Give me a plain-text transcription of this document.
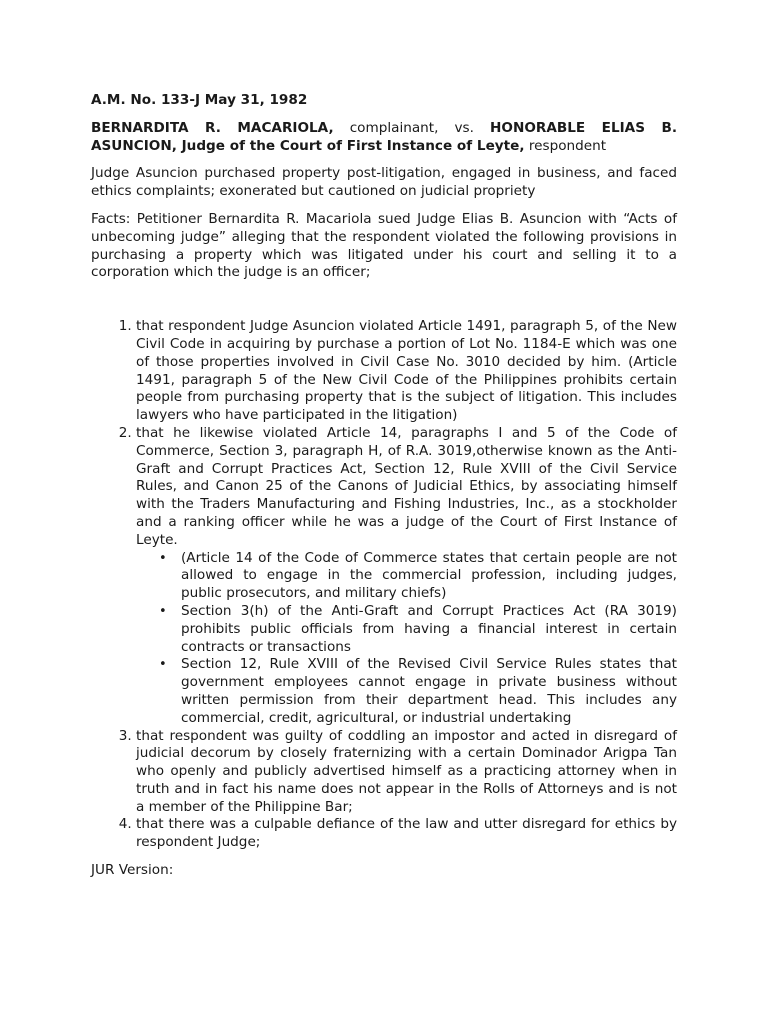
A.M. No. 133-J May 31, 1982
BERNARDITA R. MACARIOLA, complainant, vs. HONORABLE ELIAS B. ASUNCION, Judge of the Court of First Instance of Leyte, respondent

Judge Asuncion purchased property post-litigation, engaged in business, and faced ethics complaints; exonerated but cautioned on judicial propriety

Facts: Petitioner Bernardita R. Macariola sued Judge Elias B. Asuncion with “Acts of unbecoming judge” alleging that the respondent violated the following provisions in purchasing a property which was litigated under his court and selling it to a corporation which the judge is an officer;

1. that respondent Judge Asuncion violated Article 1491, paragraph 5, of the New Civil Code in acquiring by purchase a portion of Lot No. 1184-E which was one of those properties involved in Civil Case No. 3010 decided by him. (Article 1491, paragraph 5 of the New Civil Code of the Philippines prohibits certain people from purchasing property that is the subject of litigation. This includes lawyers who have participated in the litigation)
2. that he likewise violated Article 14, paragraphs I and 5 of the Code of Commerce, Section 3, paragraph H, of R.A. 3019,otherwise known as the Anti-Graft and Corrupt Practices Act, Section 12, Rule XVIII of the Civil Service Rules, and Canon 25 of the Canons of Judicial Ethics, by associating himself with the Traders Manufacturing and Fishing Industries, Inc., as a stockholder and a ranking officer while he was a judge of the Court of First Instance of Leyte.
• (Article 14 of the Code of Commerce states that certain people are not allowed to engage in the commercial profession, including judges, public prosecutors, and military chiefs)
• Section 3(h) of the Anti-Graft and Corrupt Practices Act (RA 3019) prohibits public officials from having a financial interest in certain contracts or transactions
• Section 12, Rule XVIII of the Revised Civil Service Rules states that government employees cannot engage in private business without written permission from their department head. This includes any commercial, credit, agricultural, or industrial undertaking
3. that respondent was guilty of coddling an impostor and acted in disregard of judicial decorum by closely fraternizing with a certain Dominador Arigpa Tan who openly and publicly advertised himself as a practicing attorney when in truth and in fact his name does not appear in the Rolls of Attorneys and is not a member of the Philippine Bar;
4. that there was a culpable defiance of the law and utter disregard for ethics by respondent Judge;
JUR Version:
